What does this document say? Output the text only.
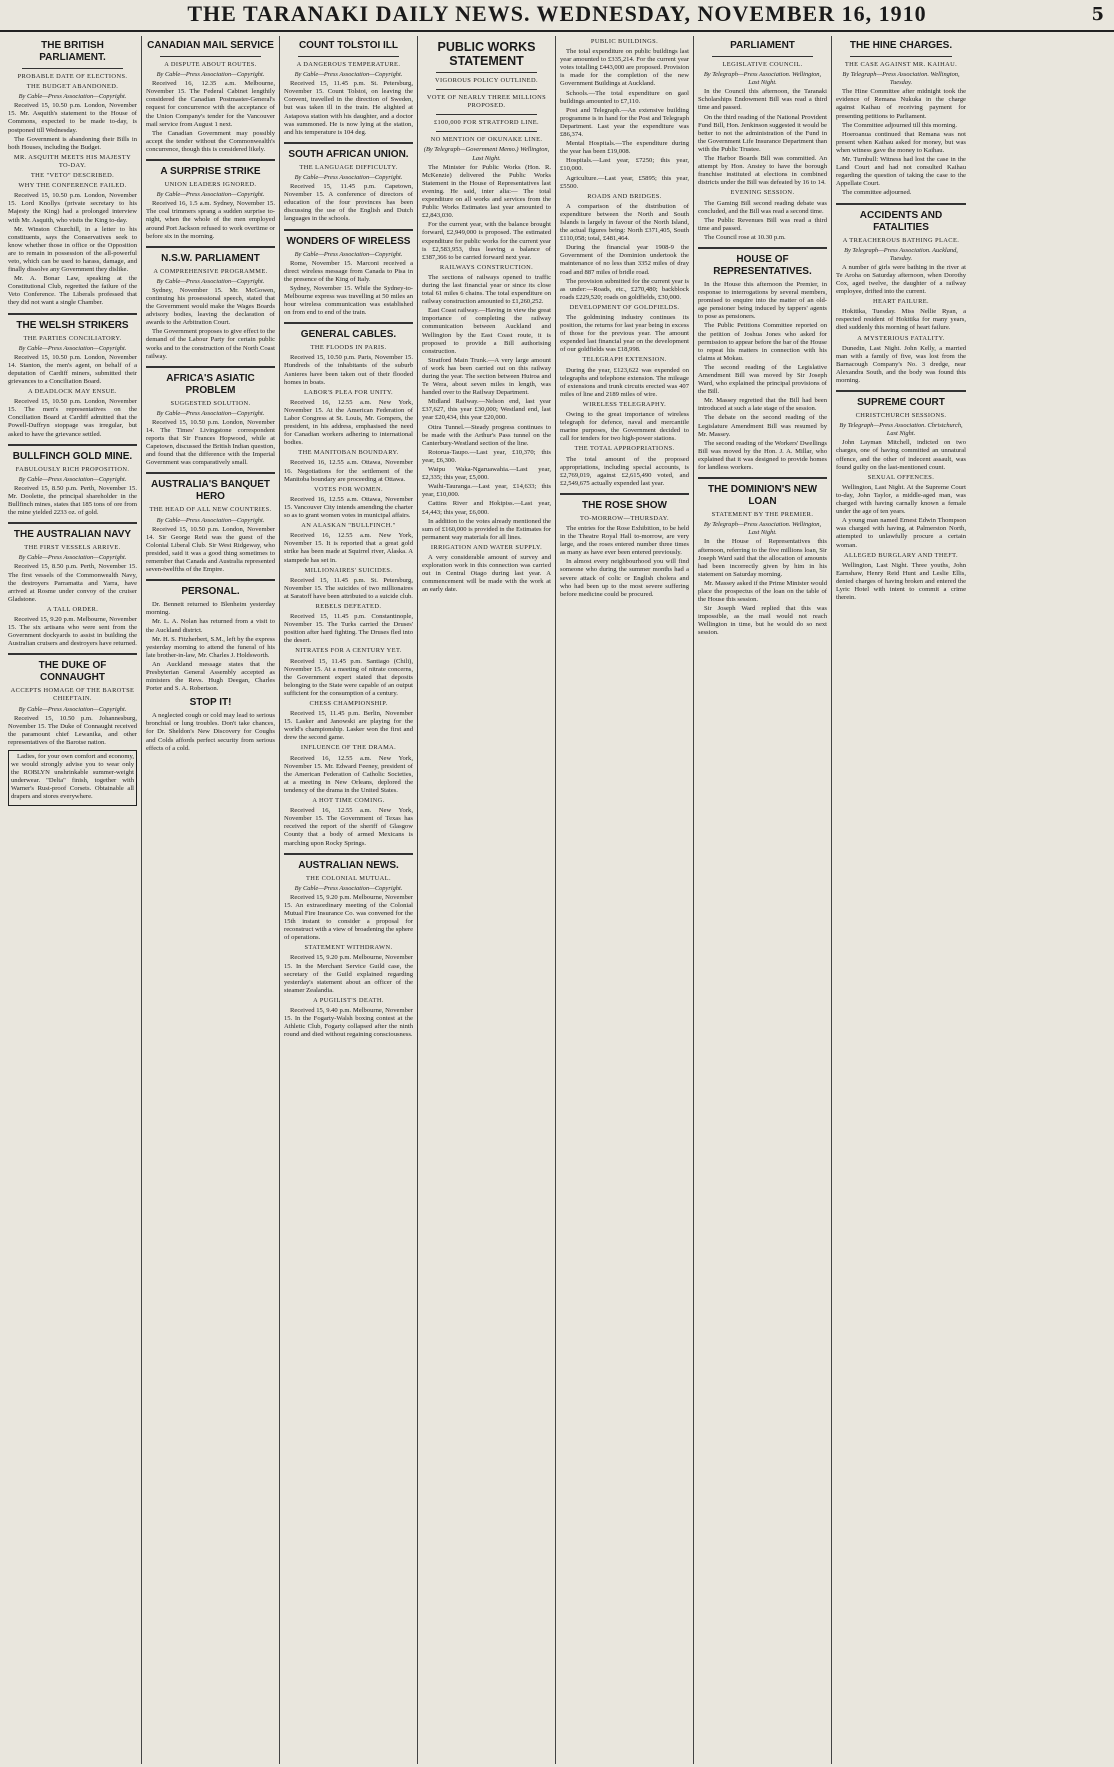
THE TARANAKI DAILY NEWS. WEDNESDAY, NOVEMBER 16, 1910	5
THE BRITISH PARLIAMENT.
PROBABLE DATE OF ELECTIONS.
THE BUDGET ABANDONED.
By Cable—Press Association—Copyright.

Received 15, 10.50 p.m. London, November 15. Mr. Asquith's statement to the House of Commons, expected to be made to-day, is postponed till Wednesday.

The Government is abandoning their Bills in both Houses, including the Budget.

MR. ASQUITH MEETS HIS MAJESTY TO-DAY.
THE "VETO" DESCRIBED.
WHY THE CONFERENCE FAILED.

Received 15, 10.50 p.m. London, November 15. Lord Knollys (private secretary to his Majesty the King) had a prolonged interview with Mr. Asquith, who visits the King to-day.

Mr. Winston Churchill, in a letter to his constituents, says the Conservatives seek to know whether those in office or the Opposition are to remain in possession of the all-powerful veto, which can be used to harass, damage, and finally dissolve any Government they dislike.

Mr. A. Bonar Law, speaking at the Constitutional Club, regretted the failure of the Veto Conference. The Liberals professed that they did not want a single Chamber.

THE WELSH STRIKERS
THE PARTIES CONCILIATORY.
By Cable—Press Association—Copyright.

Received 15, 10.50 p.m. London, November 14. Stanton, the men's agent, on behalf of a deputation of Cardiff miners, submitted their grievances to a Conciliation Board.

A DEADLOCK MAY ENSUE.

Received 15, 10.50 p.m. London, November 15. The men's representatives on the Conciliation Board at Cardiff admitted that the Powell-Duffryn stoppage was irregular, but asked to have the grievance settled.

BULLFINCH GOLD MINE.
FABULOUSLY RICH PROPOSITION.
By Cable—Press Association—Copyright.

Received 15, 8.50 p.m. Perth, November 15. Mr. Doolette, the principal shareholder in the Bullfinch mines, states that 185 tons of ore from the mine yielded 2233 oz. of gold.

THE AUSTRALIAN NAVY
THE FIRST VESSELS ARRIVE.
By Cable—Press Association—Copyright.

Received 15, 8.50 p.m. Perth, November 15. The first vessels of the Commonwealth Navy, the destroyers Parramatta and Yarra, have arrived at Rosme under convoy of the cruiser Gladstone.

A TALL ORDER.

Received 15, 9.20 p.m. Melbourne, November 15. The six artisans who were sent from the Government dockyards to assist in building the Australian cruisers and destroyers have returned.

THE DUKE OF CONNAUGHT
ACCEPTS HOMAGE OF THE BAROTSE CHIEFTAIN.
By Cable—Press Association—Copyright.

Received 15, 10.50 p.m. Johannesburg, November 15. The Duke of Connaught received the paramount chief Lewanika, and other representatives of the Barotse nation.

Ladies, for your own comfort and economy, we would strongly advise you to wear only the ROBLYN unshrinkable summer-weight underwear. "Delta" finish, together with Warner's Rust-proof Corsets. Obtainable all drapers and stores everywhere.

CANADIAN MAIL SERVICE
A DISPUTE ABOUT ROUTES.
By Cable—Press Association—Copyright.

Received 16, 12.35 a.m. Melbourne, November 15. The Federal Cabinet lengthily considered the Canadian Postmaster-General's request for concurrence with the acceptance of the Union Company's tender for the Vancouver mail service from August 1 next.

The Canadian Government may possibly accept the tender without the Commonwealth's concurrence, though this is considered likely.

A SURPRISE STRIKE
UNION LEADERS IGNORED.
By Cable—Press Association—Copyright.

Received 16, 1.5 a.m. Sydney, November 15. The coal trimmers sprang a sudden surprise to-night, when the whole of the men employed around Port Jackson refused to work overtime or before six in the morning.

N.S.W. PARLIAMENT
A COMPREHENSIVE PROGRAMME.
By Cable—Press Association—Copyright.

Sydney, November 15. Mr. McGowen, continuing his prosessional speech, stated that the Government would make the Wages Boards advisory bodies, leaving the declaration of awards to the Arbitration Court.

The Government proposes to give effect to the demand of the Labour Party for certain public works and to the construction of the North Coast railway.

AFRICA'S ASIATIC PROBLEM
SUGGESTED SOLUTION.
By Cable—Press Association—Copyright.

Received 15, 10.50 p.m. London, November 14. The Times' Livingstone correspondent reports that Sir Frances Hopwood, while at Capetown, discussed the British Indian question, and found that the difference with the Imperial Government was comparatively small.

AUSTRALIA'S BANQUET HERO
THE HEAD OF ALL NEW COUNTRIES.
By Cable—Press Association—Copyright.

Received 15, 10.50 p.m. London, November 14. Sir George Reid was the guest of the Colonial Liberal Club. Sir West Ridgeway, who presided, said it was a good thing sometimes to remember that Canada and Australia represented seven-twelfths of the Empire.

PERSONAL.

Dr. Bennett returned to Blenheim yesterday morning.

Mr. L. A. Nolan has returned from a visit to the Auckland district.

Mr. H. S. Fitzherbert, S.M., left by the express yesterday morning to attend the funeral of his late brother-in-law, Mr. Charles J. Holdsworth.

An Auckland message states that the Presbyterian General Assembly accepted as ministers the Revs. Hugh Deegan, Charles Porter and S. A. Robertson.

STOP IT!

A neglected cough or cold may lead to serious bronchial or lung troubles. Don't take chances, for Dr. Sheldon's New Discovery for Coughs and Colds affords perfect security from serious effects of a cold.

COUNT TOLSTOI ILL
A DANGEROUS TEMPERATURE.
By Cable—Press Association—Copyright.

Received 15, 11.45 p.m. St. Petersburg, November 15. Count Tolstoi, on leaving the Convent, travelled in the direction of Sweden, but was taken ill in the train. He alighted at Astapova station with his daughter, and a doctor was summoned. He is now lying at the station, and his temperature is 104 deg.

SOUTH AFRICAN UNION.
THE LANGUAGE DIFFICULTY.
By Cable—Press Association—Copyright.

Received 15, 11.45 p.m. Capetown, November 15. A conference of directors of education of the four provinces has been discussing the use of the English and Dutch languages in the schools.

WONDERS OF WIRELESS
By Cable—Press Association—Copyright.

Rome, November 15. Marconi received a direct wireless message from Canada to Pisa in the presence of the King of Italy.

Sydney, November 15. While the Sydney-to-Melbourne express was travelling at 50 miles an hour wireless communication was established on from end to end of the train.

GENERAL CABLES.
THE FLOODS IN PARIS.

Received 15, 10.50 p.m. Paris, November 15. Hundreds of the inhabitants of the suburb Asnieres have been taken out of their flooded homes in boats.

LABOR'S PLEA FOR UNITY.

Received 16, 12.55 a.m. New York, November 15. At the American Federation of Labor Congress at St. Louis, Mr. Gompers, the president, in his address, emphasised the need for Canadian workers adhering to international bodies.

THE MANITOBAN BOUNDARY.

Received 16, 12.55 a.m. Ottawa, November 16. Negotiations for the settlement of the Manitoba boundary are proceeding at Ottawa.

VOTES FOR WOMEN.

Received 16, 12.55 a.m. Ottawa, November 15. Vancouver City intends amending the charter so as to grant women votes in municipal affairs.

AN ALASKAN "BULLFINCH."

Received 16, 12.55 a.m. New York, November 15. It is reported that a great gold strike has been made at Squirrel river, Alaska. A stampede has set in.

MILLIONAIRES' SUICIDES.

Received 15, 11.45 p.m. St. Petersburg, November 15. The suicides of two millionaires at Saratoff have been attributed to a suicide club.

REBELS DEFEATED.

Received 15, 11.45 p.m. Constantinople, November 15. The Turks carried the Druses' position after hard fighting. The Druses fled into the desert.

NITRATES FOR A CENTURY YET.

Received 15, 11.45 p.m. Santiago (Chili), November 15. At a meeting of nitrate concerns, the Government expert stated that deposits belonging to the State were capable of an output sufficient for the consumption of a century.

CHESS CHAMPIONSHIP.

Received 15, 11.45 p.m. Berlin, November 15. Lasker and Janowski are playing for the world's championship. Lasker won the first and drew the second game.

INFLUENCE OF THE DRAMA.

Received 16, 12.55 a.m. New York, November 15. Mr. Edward Feeney, president of the American Federation of Catholic Societies, at a meeting in New Orleans, deplored the tendency of the drama in the United States.

A HOT TIME COMING.

Received 16, 12.55 a.m. New York, November 15. The Government of Texas has received the report of the sheriff of Glasgow County that a body of armed Mexicans is marching upon Rocky Springs.

AUSTRALIAN NEWS.
THE COLONIAL MUTUAL.
By Cable—Press Association—Copyright.

Received 15, 9.20 p.m. Melbourne, November 15. An extraordinary meeting of the Colonial Mutual Fire Insurance Co. was convened for the 15th instant to consider a proposal for reconstruct with a view of broadening the sphere of operations.

STATEMENT WITHDRAWN.

Received 15, 9.20 p.m. Melbourne, November 15. In the Merchant Service Guild case, the secretary of the Guild explained regarding yesterday's statement about an officer of the steamer Zealandia.

A PUGILIST'S DEATH.

Received 15, 9.40 p.m. Melbourne, November 15. In the Fogarty-Walsh boxing contest at the Athletic Club, Fogarty collapsed after the ninth round and died without regaining consciousness.

PUBLIC WORKS STATEMENT
VIGOROUS POLICY OUTLINED.
VOTE OF NEARLY THREE MILLIONS PROPOSED.
£100,000 FOR STRATFORD LINE.
NO MENTION OF OKUNAKE LINE.
(By Telegraph—Government Memo.) Wellington, Last Night.

The Minister for Public Works (Hon. R. McKenzie) delivered the Public Works Statement in the House of Representatives last evening. He said, inter alia:— The total expenditure on all works and services from the Public Works Estimates last year amounted to £2,843,030.

For the current year, with the balance brought forward, £2,949,000 is proposed. The estimated expenditure for public works for the current year is £2,583,953, thus leaving a balance of £387,366 to be carried forward next year.

RAILWAYS CONSTRUCTION.

The sections of railways opened to traffic during the last financial year or since its close total 61 miles 6 chains. The total expenditure on railway construction amounted to £1,260,252.

East Coast railway.—Having in view the great importance of completing the railway communication between Auckland and Wellington by the East Coast route, it is proposed to provide a Bill authorising construction.

Stratford Main Trunk.—A very large amount of work has been carried out on this railway during the year. The section between Huiroa and Te Wera, about seven miles in length, was handed over to the Railway Department.

Midland Railway.—Nelson end, last year £37,627, this year £30,000; Westland end, last year £20,434, this year £20,000.

Otira Tunnel.—Steady progress continues to be made with the Arthur's Pass tunnel on the Canterbury-Westland section of the line.

Rotorua-Taupo.—Last year, £10,370; this year, £6,300.

Waipu Waka-Ngaruawahia.—Last year, £2,335; this year, £5,000.

Waihi-Tauranga.—Last year, £14,633; this year, £10,000.

Cattins River and Hokipiss.—Last year, £4,443; this year, £6,000.

In addition to the votes already mentioned the sum of £160,000 is provided in the Estimates for permanent way materials for all lines.

IRRIGATION AND WATER SUPPLY.

A very considerable amount of survey and exploration work in this connection was carried out in Central Otago during last year. A commencement will be made with the work at an early date.

PUBLIC BUILDINGS.

The total expenditure on public buildings last year amounted to £335,214. For the current year votes totalling £443,000 are proposed. Provision is made for the completion of the new Government Buildings at Auckland.

Schools.—The total expenditure on gaol buildings amounted to £7,110.

Post and Telegraph.—An extensive building programme is in hand for the Post and Telegraph Department. Last year the expenditure was £86,374.

Mental Hospitals.—The expenditure during the year has been £19,008.

Hospitals.—Last year, £7250; this year, £10,000.

Agriculture.—Last year, £5895; this year, £5500.

ROADS AND BRIDGES.

A comparison of the distribution of expenditure between the North and South Islands is largely in favour of the North Island, the actual figures being: North £371,405, South £110,058; total, £481,464.

During the financial year 1908-9 the Government of the Dominion undertook the maintenance of no less than 3352 miles of dray road and 887 miles of bridle road.

The provision submitted for the current year is as under:—Roads, etc., £270,480; backblock roads £229,520; roads on goldfields, £30,000.

DEVELOPMENT OF GOLDFIELDS.

The goldmining industry continues its position, the returns for last year being in excess of those for the previous year. The amount expended last financial year on the development of our goldfields was £18,998.

TELEGRAPH EXTENSION.

During the year, £123,622 was expended on telegraphs and telephone extension. The mileage of extensions and trunk circuits erected was 407 miles of line and 2189 miles of wire.

WIRELESS TELEGRAPHY.

Owing to the great importance of wireless telegraph for defence, naval and mercantile marine purposes, the Government decided to call for tenders for two high-power stations.

THE TOTAL APPROPRIATIONS.

The total amount of the proposed appropriations, including special accounts, is £2,769,019, against £2,615,490 voted, and £2,549,675 actually expended last year.

THE ROSE SHOW
TO-MORROW—THURSDAY.

The entries for the Rose Exhibition, to be held in the Theatre Royal Hall to-morrow, are very large, and the roses entered number three times as many as have ever been entered previously.

In almost every neighbourhood you will find someone who during the summer months had a severe attack of colic or English cholera and who had been up to the most severe suffering before medicine could be procured.

PARLIAMENT
LEGISLATIVE COUNCIL.
By Telegraph—Press Association. Wellington, Last Night.

In the Council this afternoon, the Taranaki Scholarships Endowment Bill was read a third time and passed.

On the third reading of the National Provident Fund Bill, Hon. Jenkinson suggested it would be better to not the administration of the Fund in the Government Life Insurance Department than with the Public Trustee.

The Harbor Boards Bill was committed. An attempt by Hon. Anstey to have the borough franchise instituted at elections in combined districts under the Bill was defeated by 16 to 14.

EVENING SESSION.

The Gaming Bill second reading debate was concluded, and the Bill was read a second time.

The Public Revenues Bill was read a third time and passed.

The Council rose at 10.30 p.m.

HOUSE OF REPRESENTATIVES.

In the House this afternoon the Premier, in response to interrogations by several members, promised to enquire into the matter of an old-age pensioner being induced by tappers' agents to pose as pensioners.

The Public Petitions Committee reported on the petition of Joshua Jones who asked for permission to appear before the bar of the House to repeat his matters in connection with his claims at Mokau.

The second reading of the Legislative Amendment Bill was moved by Sir Joseph Ward, who explained the principal provisions of the Bill.

Mr. Massey regretted that the Bill had been introduced at such a late stage of the session.

The debate on the second reading of the Legislature Amendment Bill was resumed by Mr. Massey.

The second reading of the Workers' Dwellings Bill was moved by the Hon. J. A. Millar, who explained that it was designed to provide homes for landless workers.

THE DOMINION'S NEW LOAN
STATEMENT BY THE PREMIER.
By Telegraph—Press Association. Wellington, Last Night.

In the House of Representatives this afternoon, referring to the five millions loan, Sir Joseph Ward said that the allocation of amounts had been incorrectly given by him in his statement on Saturday morning.

Mr. Massey asked if the Prime Minister would place the prospectus of the loan on the table of the House this session.

Sir Joseph Ward replied that this was impossible, as the mail would not reach Wellington in time, but he would do so next session.

THE HINE CHARGES.
THE CASE AGAINST MR. KAIHAU.
By Telegraph—Press Association. Wellington, Tuesday.

The Hine Committee after midnight took the evidence of Remana Nukuka in the charge against Kaihau of receiving payment for presenting petitions to Parliament.

The Committee adjourned till this morning.

Hoeroanua continued that Remana was not present when Kaihau asked for money, but was when witness gave the money to Kaihau.

Mr. Turnbull: Witness had lost the case in the Land Court and had not consulted Kaihau regarding the question of taking the case to the Appellate Court.

The committee adjourned.

ACCIDENTS AND FATALITIES
A TREACHEROUS BATHING PLACE.
By Telegraph—Press Association. Auckland, Tuesday.

A number of girls were bathing in the river at Te Aroha on Saturday afternoon, when Dorothy Cox, aged twelve, the daughter of a railway employee, drifted into the current.

HEART FAILURE.

Hokitika, Tuesday. Miss Nellie Ryan, a respected resident of Hokitika for many years, died suddenly this morning of heart failure.

A MYSTERIOUS FATALITY.

Dunedin, Last Night. John Kelly, a married man with a family of five, was lost from the Barnacough Company's No. 3 dredge, near Alexandra South, and the body was found this morning.

SUPREME COURT
CHRISTCHURCH SESSIONS.
By Telegraph—Press Association. Christchurch, Last Night.

John Layman Mitchell, indicted on two charges, one of having committed an unnatural offence, and the other of indecent assault, was found guilty on the last-mentioned count.

SEXUAL OFFENCES.

Wellington, Last Night. At the Supreme Court to-day, John Taylor, a middle-aged man, was charged with having carnally known a female under the age of ten years.

A young man named Ernest Edwin Thompson was charged with having, at Palmerston North, attempted to unlawfully procure a certain woman.

ALLEGED BURGLARY AND THEFT.

Wellington, Last Night. Three youths, John Earnshaw, Henry Reid Hunt and Leslie Ellis, denied charges of having broken and entered the Lyric Hotel with intent to commit a crime therein.
